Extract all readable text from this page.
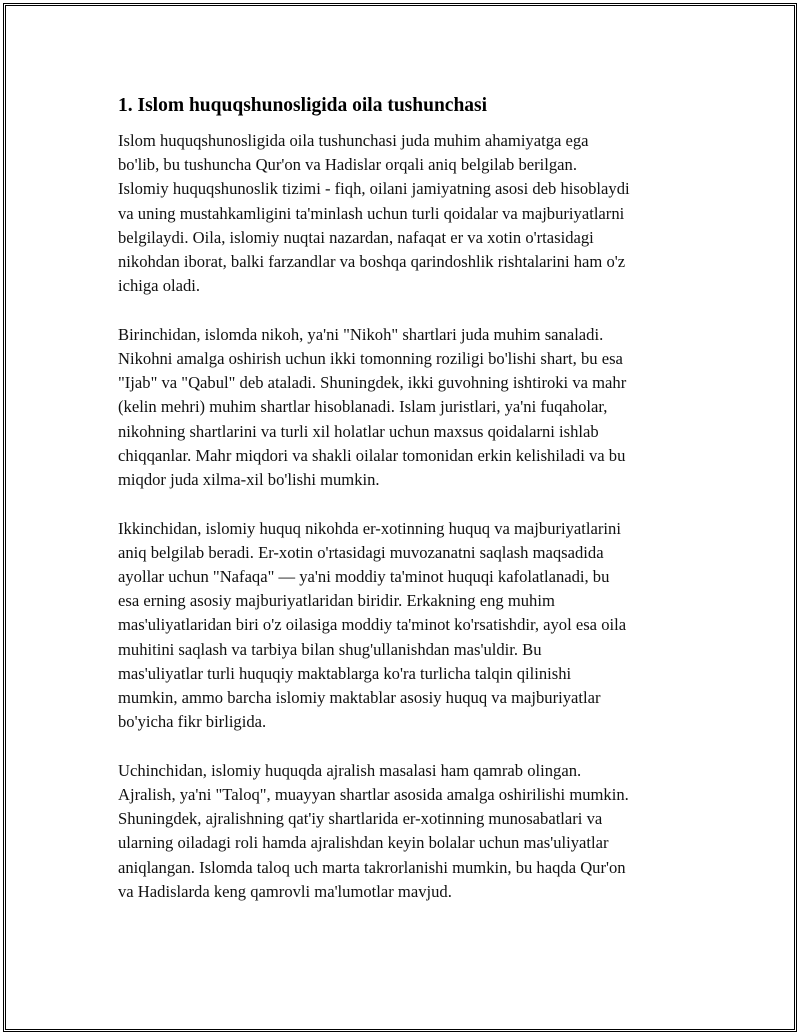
1. Islom huquqshunosligida oila tushunchasi

Islom huquqshunosligida oila tushunchasi juda muhim ahamiyatga ega
bo'lib, bu tushuncha Qur'on va Hadislar orqali aniq belgilab berilgan.
Islomiy huquqshunoslik tizimi - fiqh, oilani jamiyatning asosi deb hisoblaydi
va uning mustahkamligini ta'minlash uchun turli qoidalar va majburiyatlarni
belgilaydi. Oila, islomiy nuqtai nazardan, nafaqat er va xotin o'rtasidagi
nikohdan iborat, balki farzandlar va boshqa qarindoshlik rishtalarini ham o'z
ichiga oladi.

Birinchidan, islomda nikoh, ya'ni "Nikoh" shartlari juda muhim sanaladi.
Nikohni amalga oshirish uchun ikki tomonning roziligi bo'lishi shart, bu esa
"Ijab" va "Qabul" deb ataladi. Shuningdek, ikki guvohning ishtiroki va mahr
(kelin mehri) muhim shartlar hisoblanadi. Islam juristlari, ya'ni fuqaholar,
nikohning shartlarini va turli xil holatlar uchun maxsus qoidalarni ishlab
chiqqanlar. Mahr miqdori va shakli oilalar tomonidan erkin kelishiladi va bu
miqdor juda xilma-xil bo'lishi mumkin.

Ikkinchidan, islomiy huquq nikohda er-xotinning huquq va majburiyatlarini
aniq belgilab beradi. Er-xotin o'rtasidagi muvozanatni saqlash maqsadida
ayollar uchun "Nafaqa" — ya'ni moddiy ta'minot huquqi kafolatlanadi, bu
esa erning asosiy majburiyatlaridan biridir. Erkakning eng muhim
mas'uliyatlaridan biri o'z oilasiga moddiy ta'minot ko'rsatishdir, ayol esa oila
muhitini saqlash va tarbiya bilan shug'ullanishdan mas'uldir. Bu
mas'uliyatlar turli huquqiy maktablarga ko'ra turlicha talqin qilinishi
mumkin, ammo barcha islomiy maktablar asosiy huquq va majburiyatlar
bo'yicha fikr birligida.

Uchinchidan, islomiy huquqda ajralish masalasi ham qamrab olingan.
Ajralish, ya'ni "Taloq", muayyan shartlar asosida amalga oshirilishi mumkin.
Shuningdek, ajralishning qat'iy shartlarida er-xotinning munosabatlari va
ularning oiladagi roli hamda ajralishdan keyin bolalar uchun mas'uliyatlar
aniqlangan. Islomda taloq uch marta takrorlanishi mumkin, bu haqda Qur'on
va Hadislarda keng qamrovli ma'lumotlar mavjud.
